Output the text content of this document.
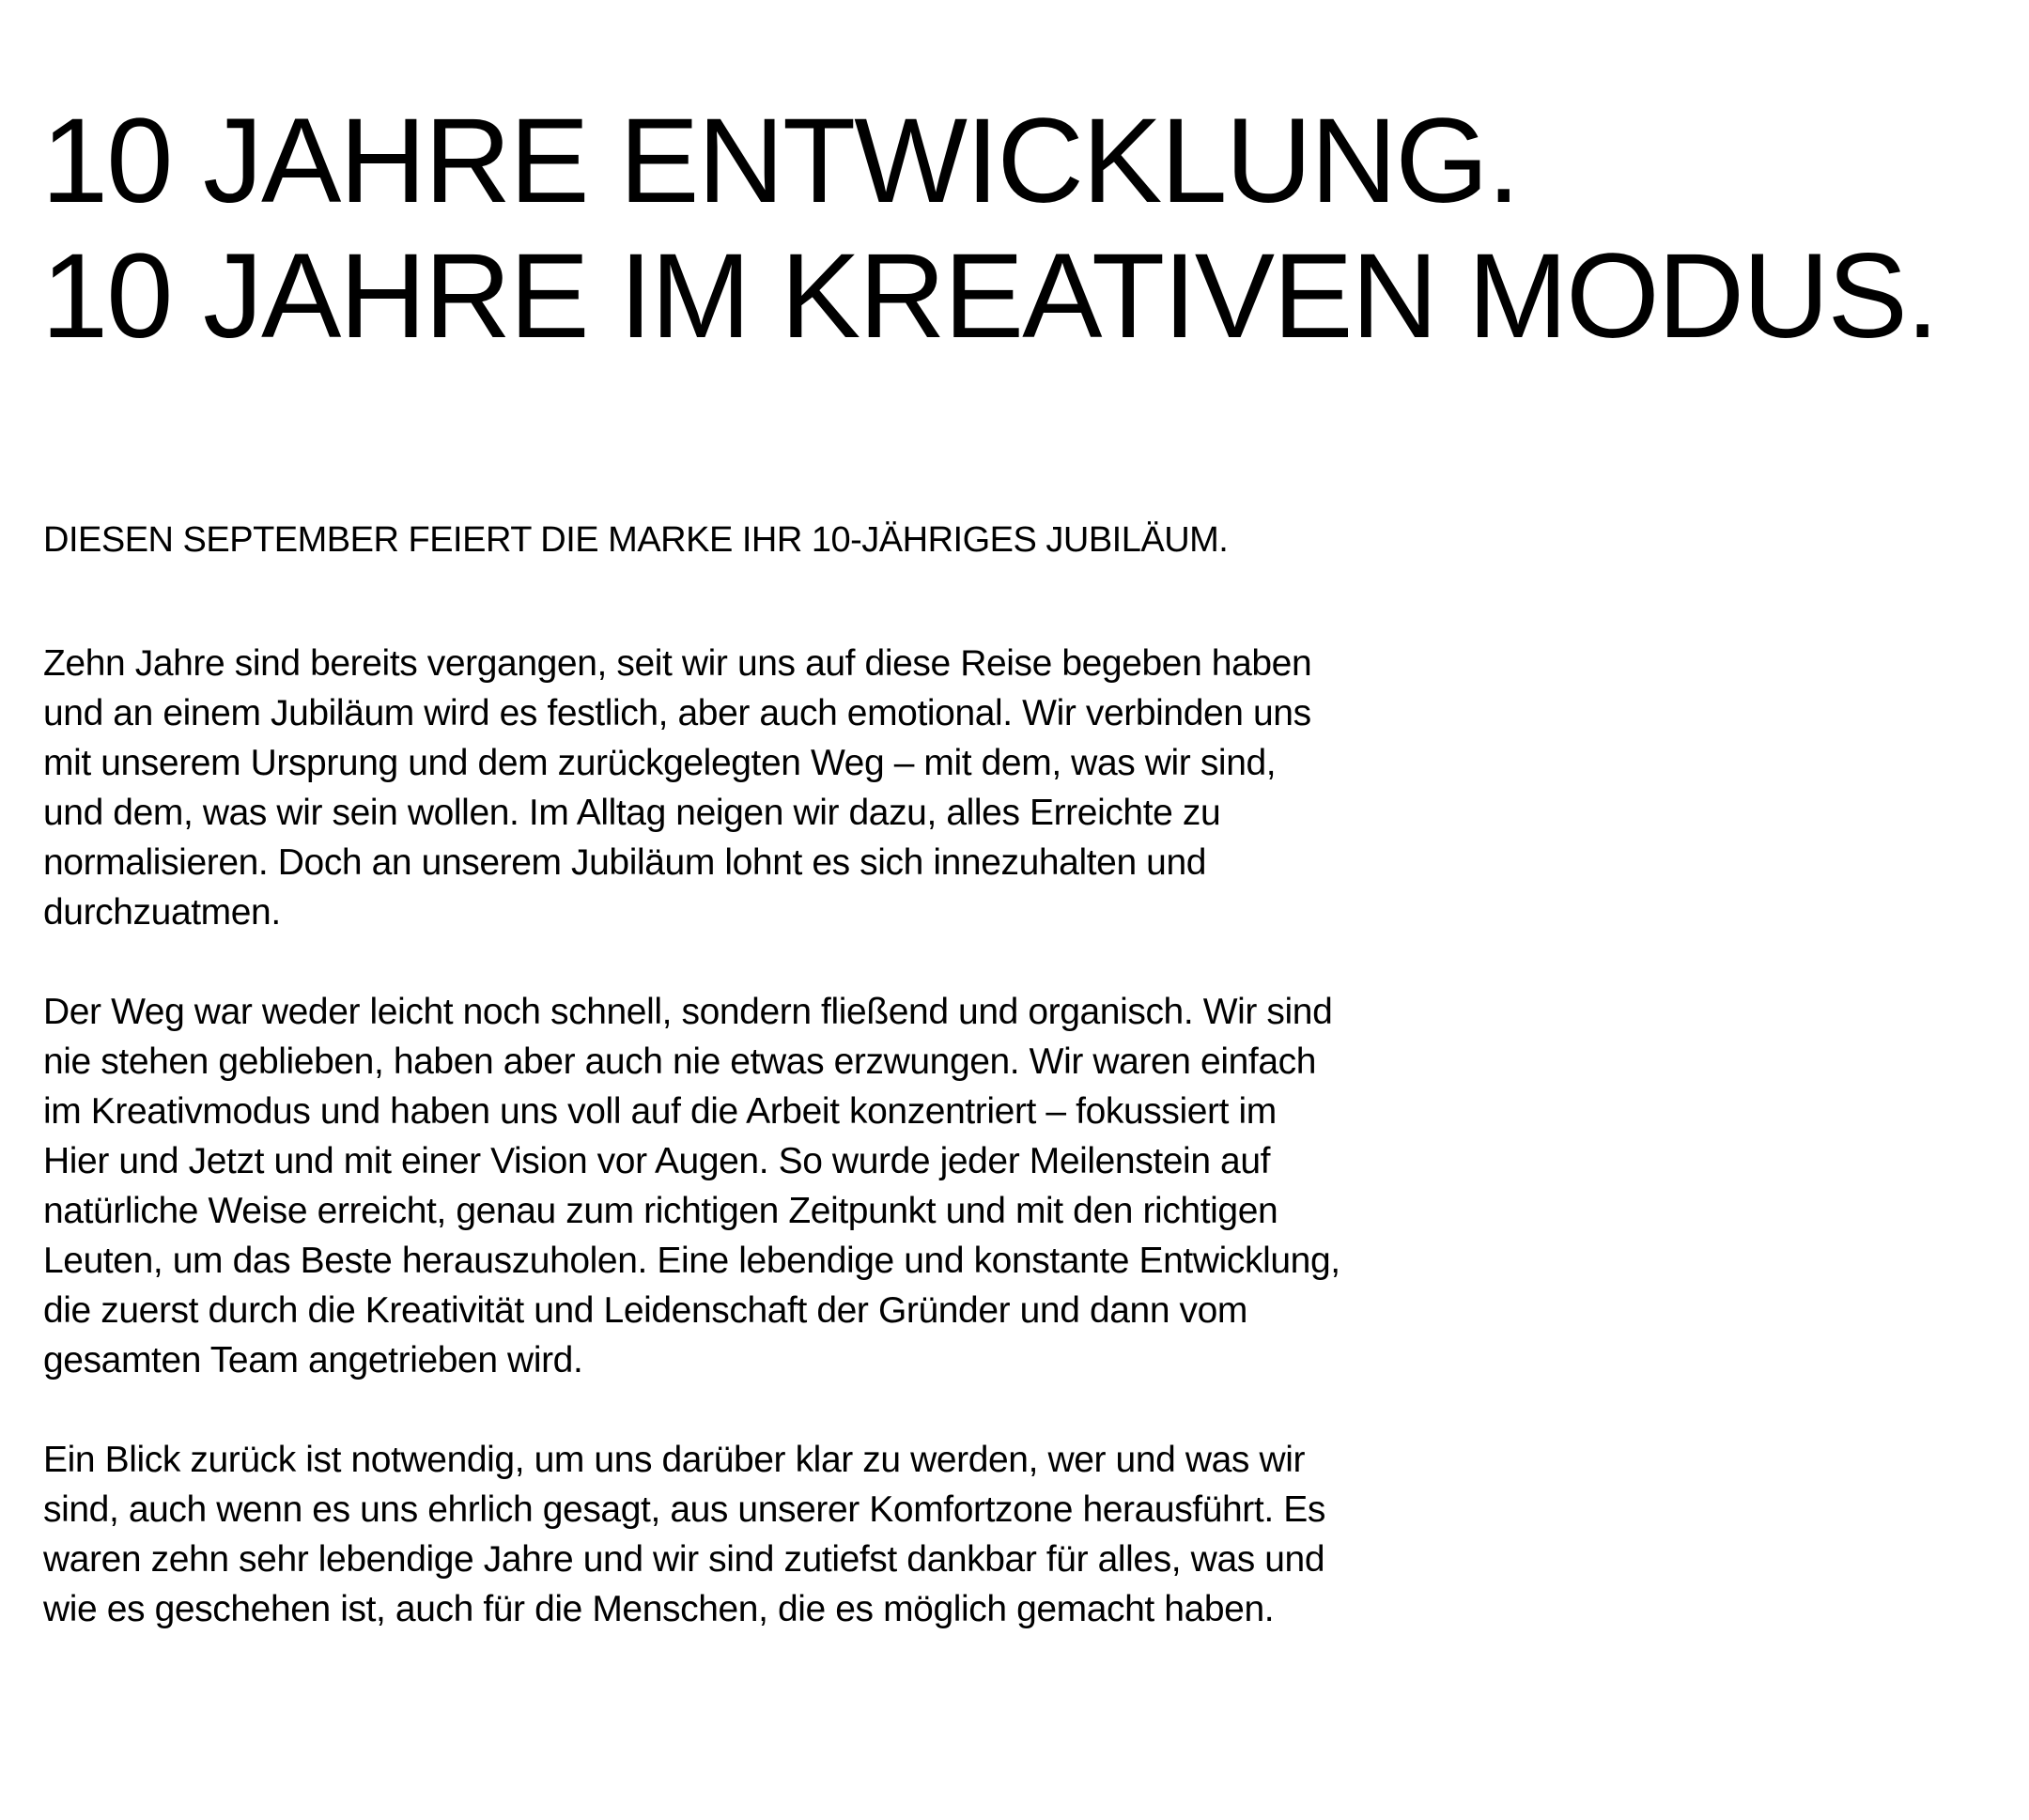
10 JAHRE ENTWICKLUNG.
10 JAHRE IM KREATIVEN MODUS.
DIESEN SEPTEMBER FEIERT DIE MARKE IHR 10-JÄHRIGES JUBILÄUM.

Zehn Jahre sind bereits vergangen, seit wir uns auf diese Reise begeben haben
und an einem Jubiläum wird es festlich, aber auch emotional. Wir verbinden uns
mit unserem Ursprung und dem zurückgelegten Weg – mit dem, was wir sind,
und dem, was wir sein wollen. Im Alltag neigen wir dazu, alles Erreichte zu
normalisieren. Doch an unserem Jubiläum lohnt es sich innezuhalten und
durchzuatmen.

Der Weg war weder leicht noch schnell, sondern fließend und organisch. Wir sind
nie stehen geblieben, haben aber auch nie etwas erzwungen. Wir waren einfach
im Kreativmodus und haben uns voll auf die Arbeit konzentriert – fokussiert im
Hier und Jetzt und mit einer Vision vor Augen. So wurde jeder Meilenstein auf
natürliche Weise erreicht, genau zum richtigen Zeitpunkt und mit den richtigen
Leuten, um das Beste herauszuholen. Eine lebendige und konstante Entwicklung,
die zuerst durch die Kreativität und Leidenschaft der Gründer und dann vom
gesamten Team angetrieben wird.

Ein Blick zurück ist notwendig, um uns darüber klar zu werden, wer und was wir
sind, auch wenn es uns ehrlich gesagt, aus unserer Komfortzone herausführt. Es
waren zehn sehr lebendige Jahre und wir sind zutiefst dankbar für alles, was und
wie es geschehen ist, auch für die Menschen, die es möglich gemacht haben.
